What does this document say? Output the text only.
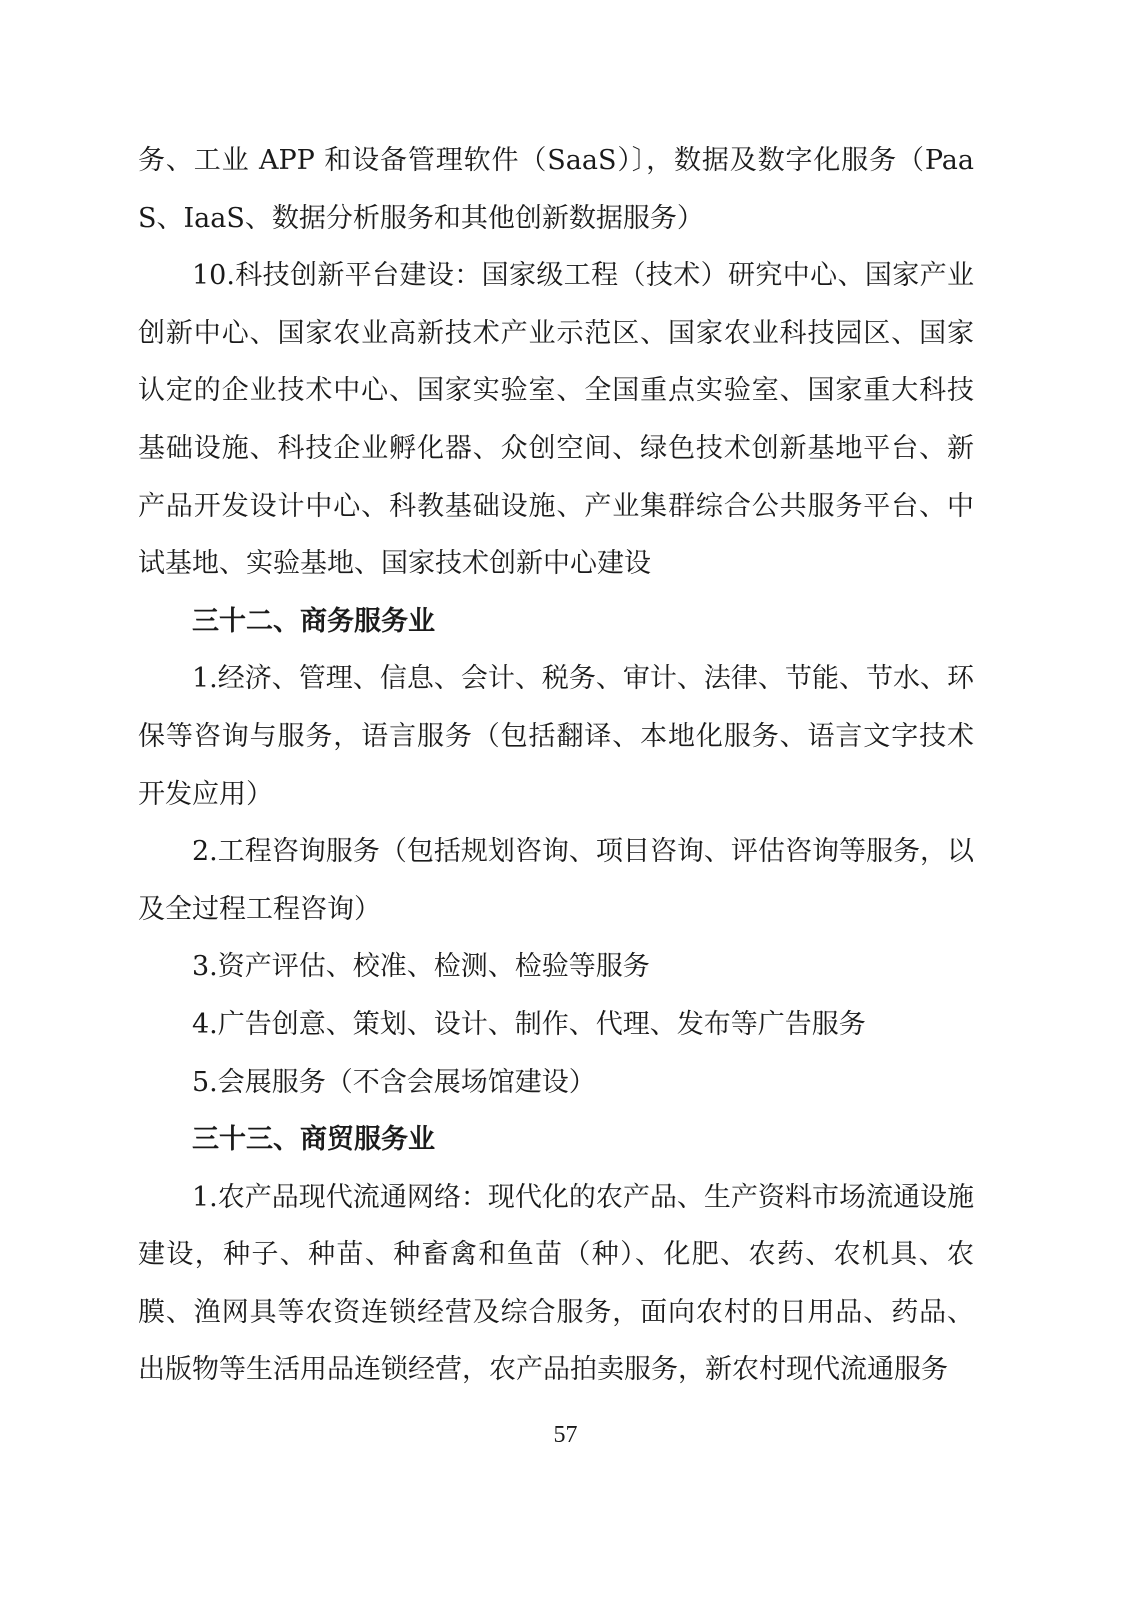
务、工业 APP 和设备管理软件（SaaS）〕，数据及数字化服务（PaaS、IaaS、数据分析服务和其他创新数据服务）

10.科技创新平台建设：国家级工程（技术）研究中心、国家产业创新中心、国家农业高新技术产业示范区、国家农业科技园区、国家认定的企业技术中心、国家实验室、全国重点实验室、国家重大科技基础设施、科技企业孵化器、众创空间、绿色技术创新基地平台、新产品开发设计中心、科教基础设施、产业集群综合公共服务平台、中试基地、实验基地、国家技术创新中心建设

三十二、商务服务业

1.经济、管理、信息、会计、税务、审计、法律、节能、节水、环保等咨询与服务，语言服务（包括翻译、本地化服务、语言文字技术开发应用）

2.工程咨询服务（包括规划咨询、项目咨询、评估咨询等服务，以及全过程工程咨询）

3.资产评估、校准、检测、检验等服务

4.广告创意、策划、设计、制作、代理、发布等广告服务

5.会展服务（不含会展场馆建设）

三十三、商贸服务业

1.农产品现代流通网络：现代化的农产品、生产资料市场流通设施建设，种子、种苗、种畜禽和鱼苗（种）、化肥、农药、农机具、农膜、渔网具等农资连锁经营及综合服务，面向农村的日用品、药品、出版物等生活用品连锁经营，农产品拍卖服务，新农村现代流通服务

57
